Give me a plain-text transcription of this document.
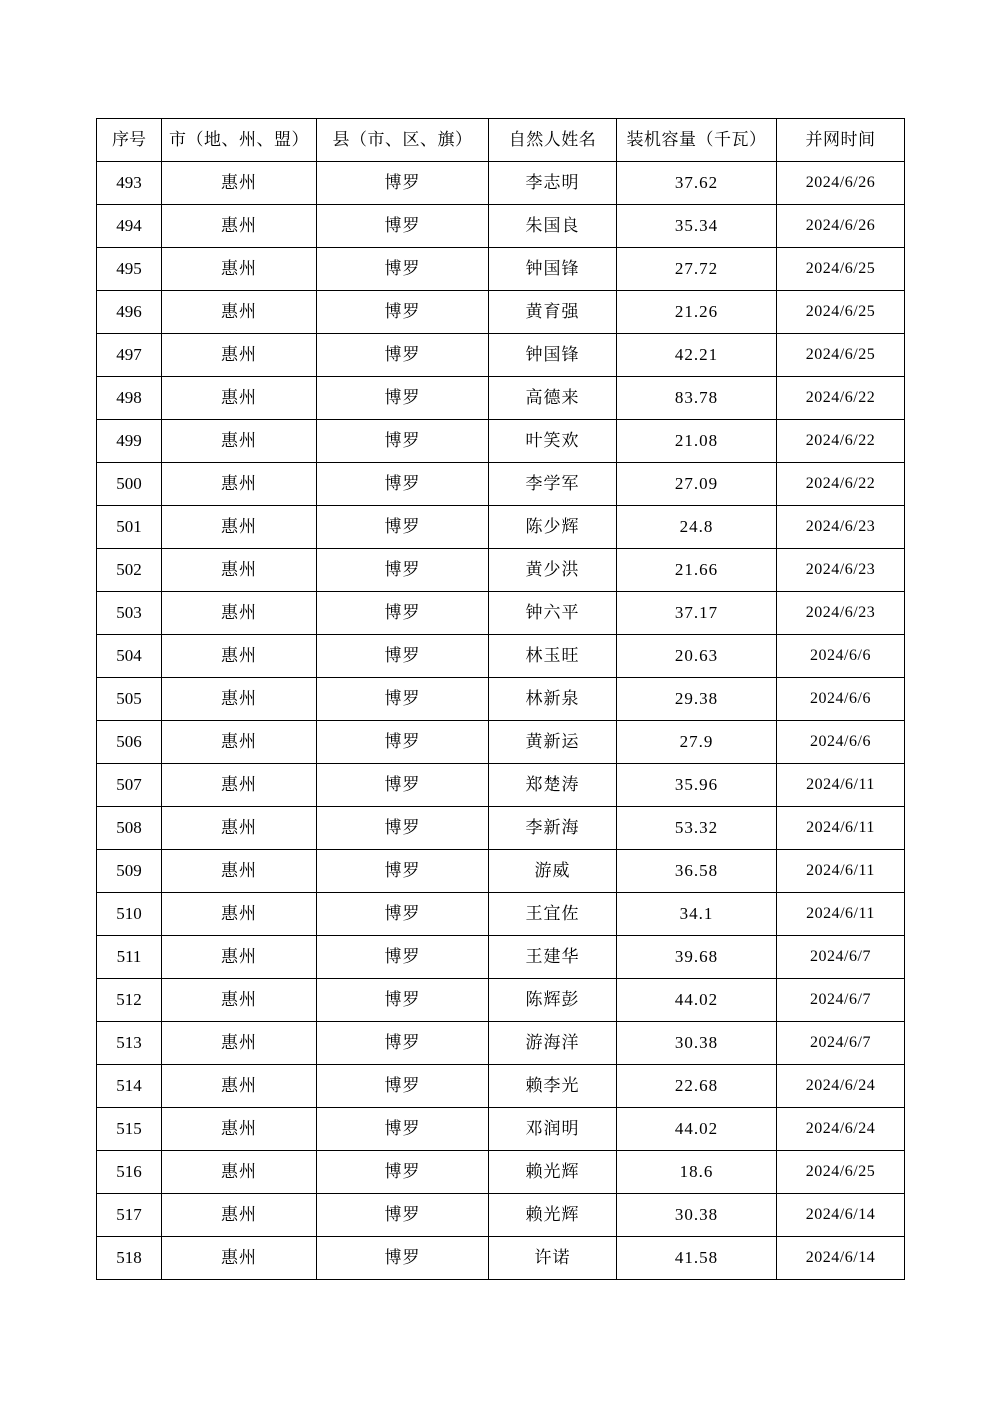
序号	市（地、州、盟）	县（市、区、旗）	自然人姓名	装机容量（千瓦）	并网时间
493	惠州	博罗	李志明	37.62	2024/6/26
494	惠州	博罗	朱国良	35.34	2024/6/26
495	惠州	博罗	钟国锋	27.72	2024/6/25
496	惠州	博罗	黄育强	21.26	2024/6/25
497	惠州	博罗	钟国锋	42.21	2024/6/25
498	惠州	博罗	高德来	83.78	2024/6/22
499	惠州	博罗	叶笑欢	21.08	2024/6/22
500	惠州	博罗	李学军	27.09	2024/6/22
501	惠州	博罗	陈少辉	24.8	2024/6/23
502	惠州	博罗	黄少洪	21.66	2024/6/23
503	惠州	博罗	钟六平	37.17	2024/6/23
504	惠州	博罗	林玉旺	20.63	2024/6/6
505	惠州	博罗	林新泉	29.38	2024/6/6
506	惠州	博罗	黄新运	27.9	2024/6/6
507	惠州	博罗	郑楚涛	35.96	2024/6/11
508	惠州	博罗	李新海	53.32	2024/6/11
509	惠州	博罗	游威	36.58	2024/6/11
510	惠州	博罗	王宜佐	34.1	2024/6/11
511	惠州	博罗	王建华	39.68	2024/6/7
512	惠州	博罗	陈辉彭	44.02	2024/6/7
513	惠州	博罗	游海洋	30.38	2024/6/7
514	惠州	博罗	赖李光	22.68	2024/6/24
515	惠州	博罗	邓润明	44.02	2024/6/24
516	惠州	博罗	赖光辉	18.6	2024/6/25
517	惠州	博罗	赖光辉	30.38	2024/6/14
518	惠州	博罗	许诺	41.58	2024/6/14
